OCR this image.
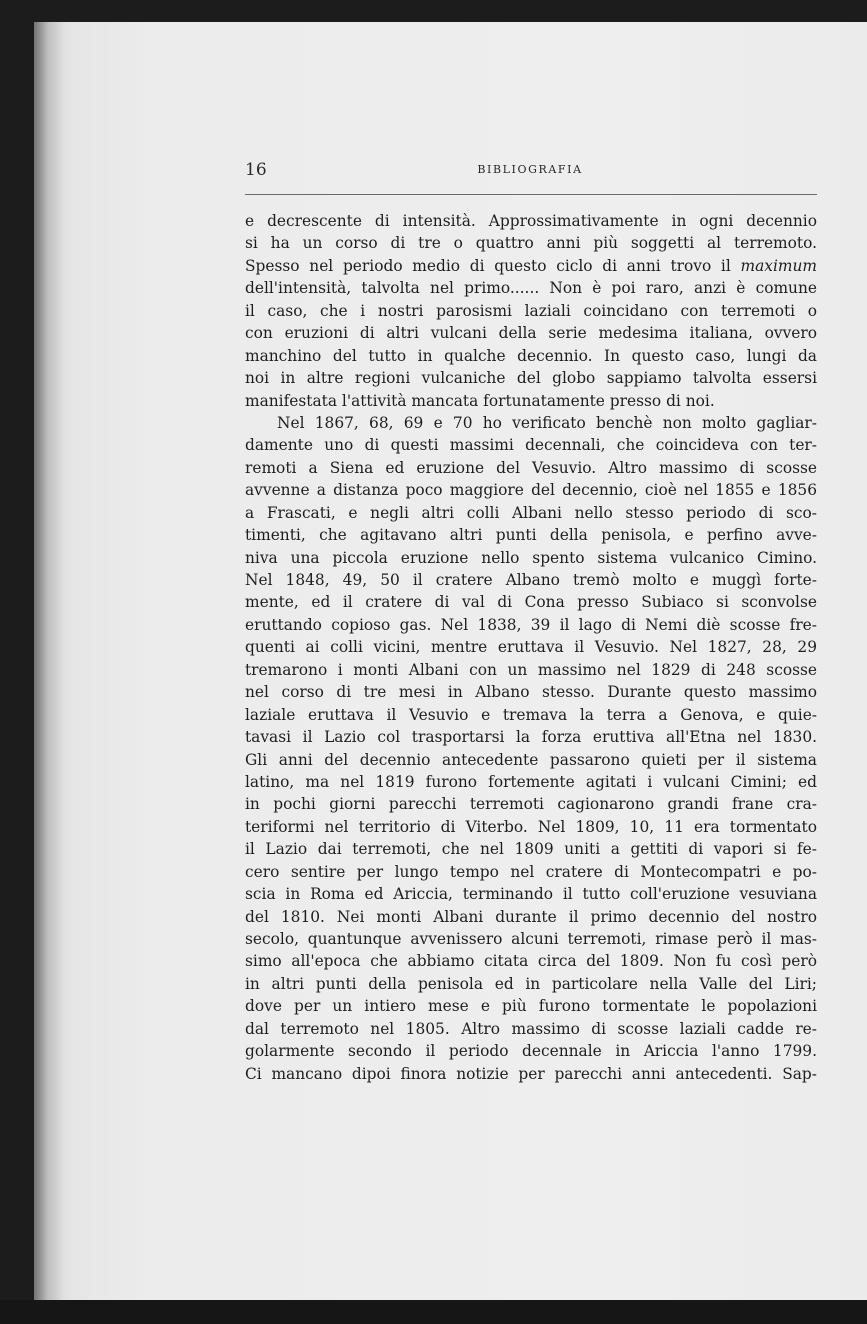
16	BIBLIOGRAFIA
e decrescente di intensità. Approssimativamente in ogni decennio
si ha un corso di tre o quattro anni più soggetti al terremoto.
Spesso nel periodo medio di questo ciclo di anni trovo il maximum
dell'intensità, talvolta nel primo...... Non è poi raro, anzi è comune
il caso, che i nostri parosismi laziali coincidano con terremoti o
con eruzioni di altri vulcani della serie medesima italiana, ovvero
manchino del tutto in qualche decennio. In questo caso, lungi da
noi in altre regioni vulcaniche del globo sappiamo talvolta essersi
manifestata l'attività mancata fortunatamente presso di noi.
Nel 1867, 68, 69 e 70 ho verificato benchè non molto gagliar-
damente uno di questi massimi decennali, che coincideva con ter-
remoti a Siena ed eruzione del Vesuvio. Altro massimo di scosse
avvenne a distanza poco maggiore del decennio, cioè nel 1855 e 1856
a Frascati, e negli altri colli Albani nello stesso periodo di sco-
timenti, che agitavano altri punti della penisola, e perfino avve-
niva una piccola eruzione nello spento sistema vulcanico Cimino.
Nel 1848, 49, 50 il cratere Albano tremò molto e muggì forte-
mente, ed il cratere di val di Cona presso Subiaco si sconvolse
eruttando copioso gas. Nel 1838, 39 il lago di Nemi diè scosse fre-
quenti ai colli vicini, mentre eruttava il Vesuvio. Nel 1827, 28, 29
tremarono i monti Albani con un massimo nel 1829 di 248 scosse
nel corso di tre mesi in Albano stesso. Durante questo massimo
laziale eruttava il Vesuvio e tremava la terra a Genova, e quie-
tavasi il Lazio col trasportarsi la forza eruttiva all'Etna nel 1830.
Gli anni del decennio antecedente passarono quieti per il sistema
latino, ma nel 1819 furono fortemente agitati i vulcani Cimini; ed
in pochi giorni parecchi terremoti cagionarono grandi frane cra-
teriformi nel territorio di Viterbo. Nel 1809, 10, 11 era tormentato
il Lazio dai terremoti, che nel 1809 uniti a gettiti di vapori si fe-
cero sentire per lungo tempo nel cratere di Montecompatri e po-
scia in Roma ed Ariccia, terminando il tutto coll'eruzione vesuviana
del 1810. Nei monti Albani durante il primo decennio del nostro
secolo, quantunque avvenissero alcuni terremoti, rimase però il mas-
simo all'epoca che abbiamo citata circa del 1809. Non fu così però
in altri punti della penisola ed in particolare nella Valle del Liri;
dove per un intiero mese e più furono tormentate le popolazioni
dal terremoto nel 1805. Altro massimo di scosse laziali cadde re-
golarmente secondo il periodo decennale in Ariccia l'anno 1799.
Ci mancano dipoi finora notizie per parecchi anni antecedenti. Sap-
